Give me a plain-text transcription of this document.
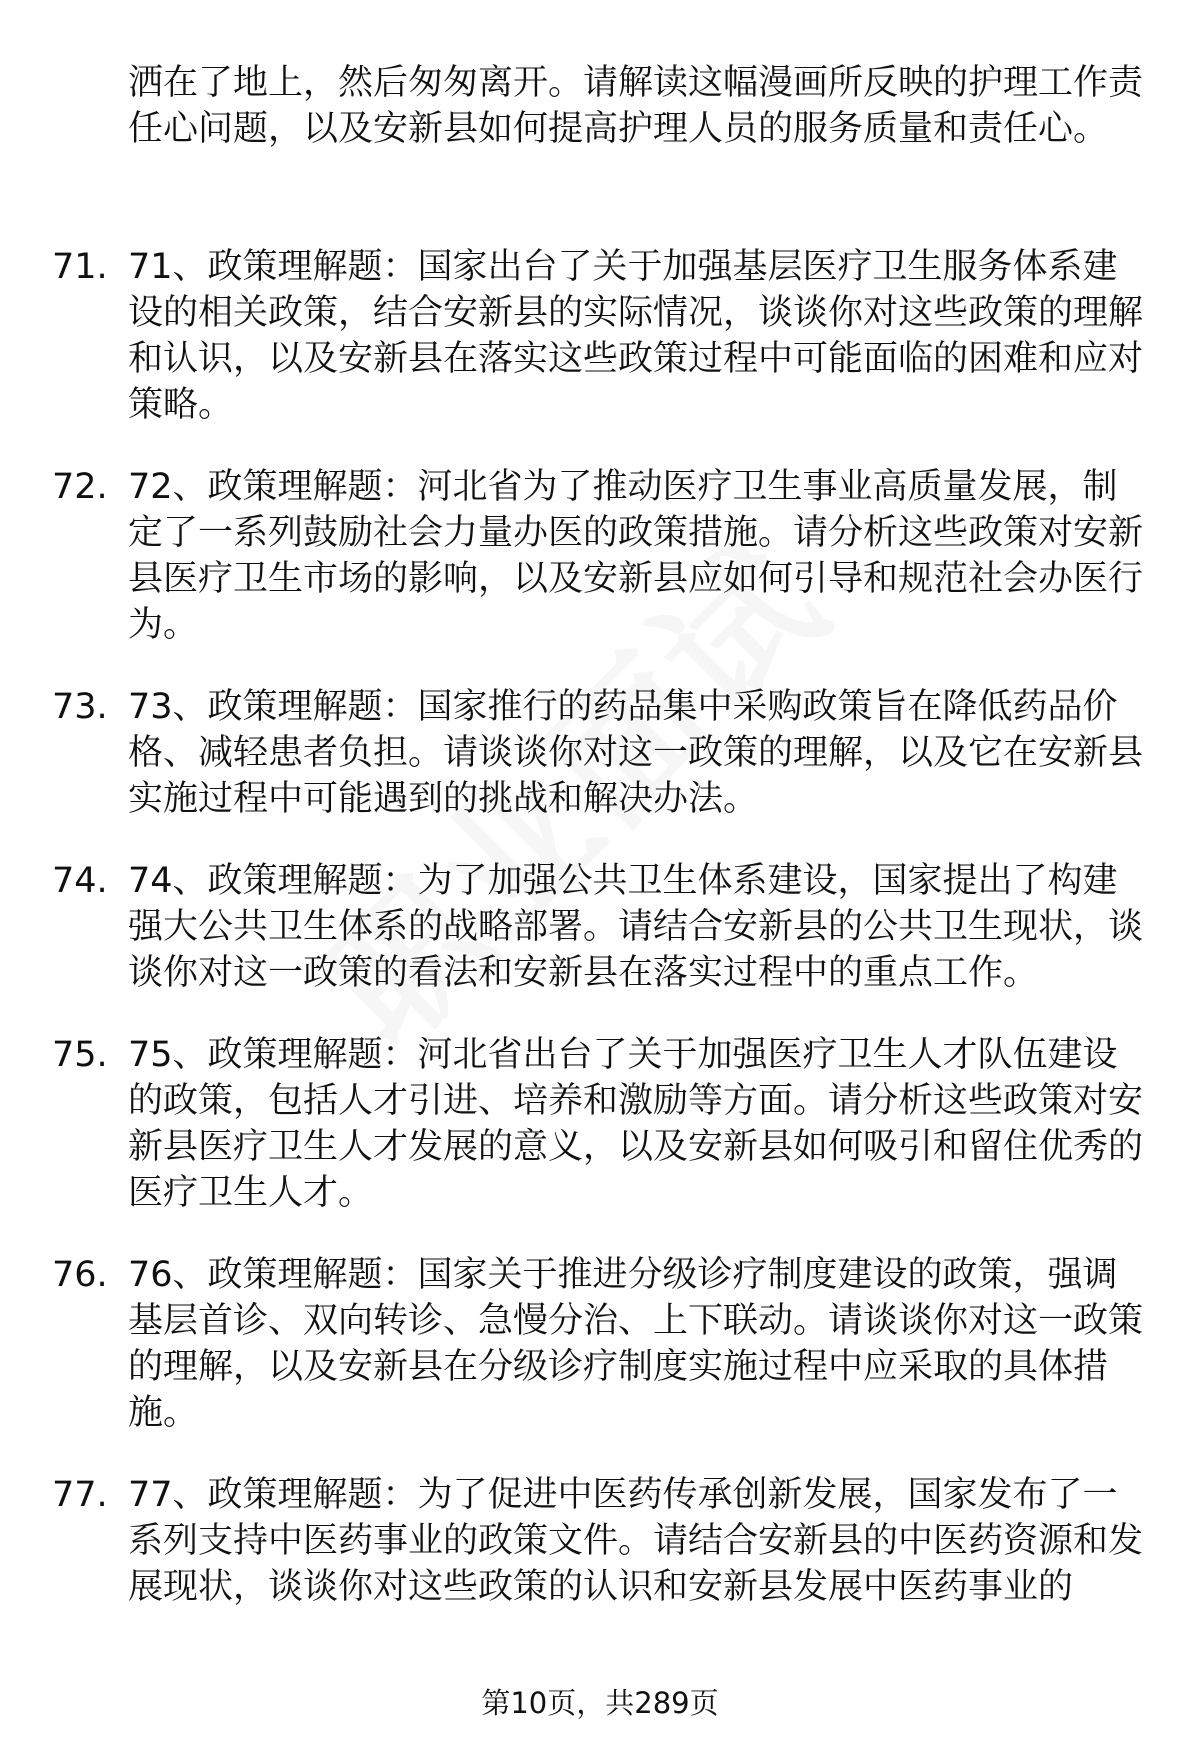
洒在了地上，然后匆匆离开。请解读这幅漫画所反映的护理工作责任心问题，以及安新县如何提高护理人员的服务质量和责任心。

71. 71、政策理解题：国家出台了关于加强基层医疗卫生服务体系建设的相关政策，结合安新县的实际情况，谈谈你对这些政策的理解和认识，以及安新县在落实这些政策过程中可能面临的困难和应对策略。
72. 72、政策理解题：河北省为了推动医疗卫生事业高质量发展，制定了一系列鼓励社会力量办医的政策措施。请分析这些政策对安新县医疗卫生市场的影响，以及安新县应如何引导和规范社会办医行为。
73. 73、政策理解题：国家推行的药品集中采购政策旨在降低药品价格、减轻患者负担。请谈谈你对这一政策的理解，以及它在安新县实施过程中可能遇到的挑战和解决办法。
74. 74、政策理解题：为了加强公共卫生体系建设，国家提出了构建强大公共卫生体系的战略部署。请结合安新县的公共卫生现状，谈谈你对这一政策的看法和安新县在落实过程中的重点工作。
75. 75、政策理解题：河北省出台了关于加强医疗卫生人才队伍建设的政策，包括人才引进、培养和激励等方面。请分析这些政策对安新县医疗卫生人才发展的意义，以及安新县如何吸引和留住优秀的医疗卫生人才。
76. 76、政策理解题：国家关于推进分级诊疗制度建设的政策，强调基层首诊、双向转诊、急慢分治、上下联动。请谈谈你对这一政策的理解，以及安新县在分级诊疗制度实施过程中应采取的具体措施。
77. 77、政策理解题：为了促进中医药传承创新发展，国家发布了一系列支持中医药事业的政策文件。请结合安新县的中医药资源和发展现状，谈谈你对这些政策的认识和安新县发展中医药事业的
第10页，共289页
